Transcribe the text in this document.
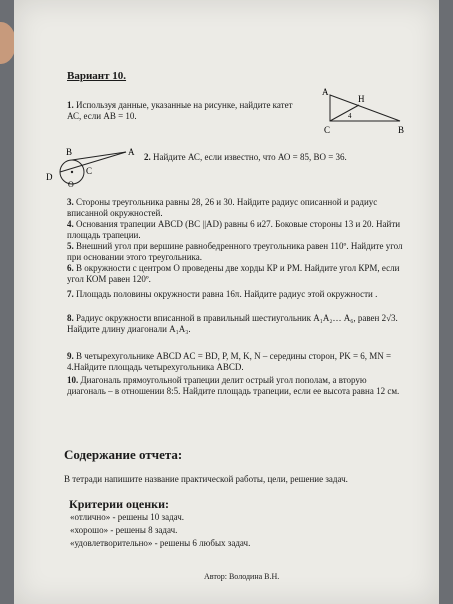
Вариант 10.
1. Используя данные, указанные на рисунке, найдите катет АС, если АВ = 10.
А
Н
4
С	В
В	А
D
O
С
2. Найдите АС, если известно, что АО = 85, ВО = 36.
3. Стороны треугольника равны 28, 26 и 30. Найдите радиус описанной и радиус вписанной окружностей.
4. Основания трапеции ABCD (ВС ||AD) равны 6 и27. Боковые стороны 13 и 20. Найти площадь трапеции.
5. Внешний угол при вершине равнобедренного треугольника равен 110º. Найдите угол при основании этого треугольника.
6. В окружности с центром О проведены две хорды КР и РМ. Найдите угол КРМ, если угол КОМ равен 120º.
7. Площадь половины окружности равна 16π. Найдите радиус этой окружности .
8. Радиус окружности вписанной в правильный шестиугольник А₁А₂… А₆, равен 2√3. Найдите длину диагонали А₁А₃.
9. В четырехугольнике ABCD AC = BD, P, M, K, N – середины сторон, PK = 6, MN = 4.Найдите площадь четырехугольника ABCD.
10. Диагональ прямоугольной трапеции делит острый угол пополам, а вторую диагональ – в отношении 8:5. Найдите площадь трапеции, если ее высота равна 12 см.
Содержание отчета:
В тетради напишите название практической работы, цели, решение задач.
Критерии оценки:
«отлично» - решены 10 задач.
«хорошо» - решены 8 задач.
«удовлетворительно» - решены 6 любых задач.
Автор: Володина В.Н.
